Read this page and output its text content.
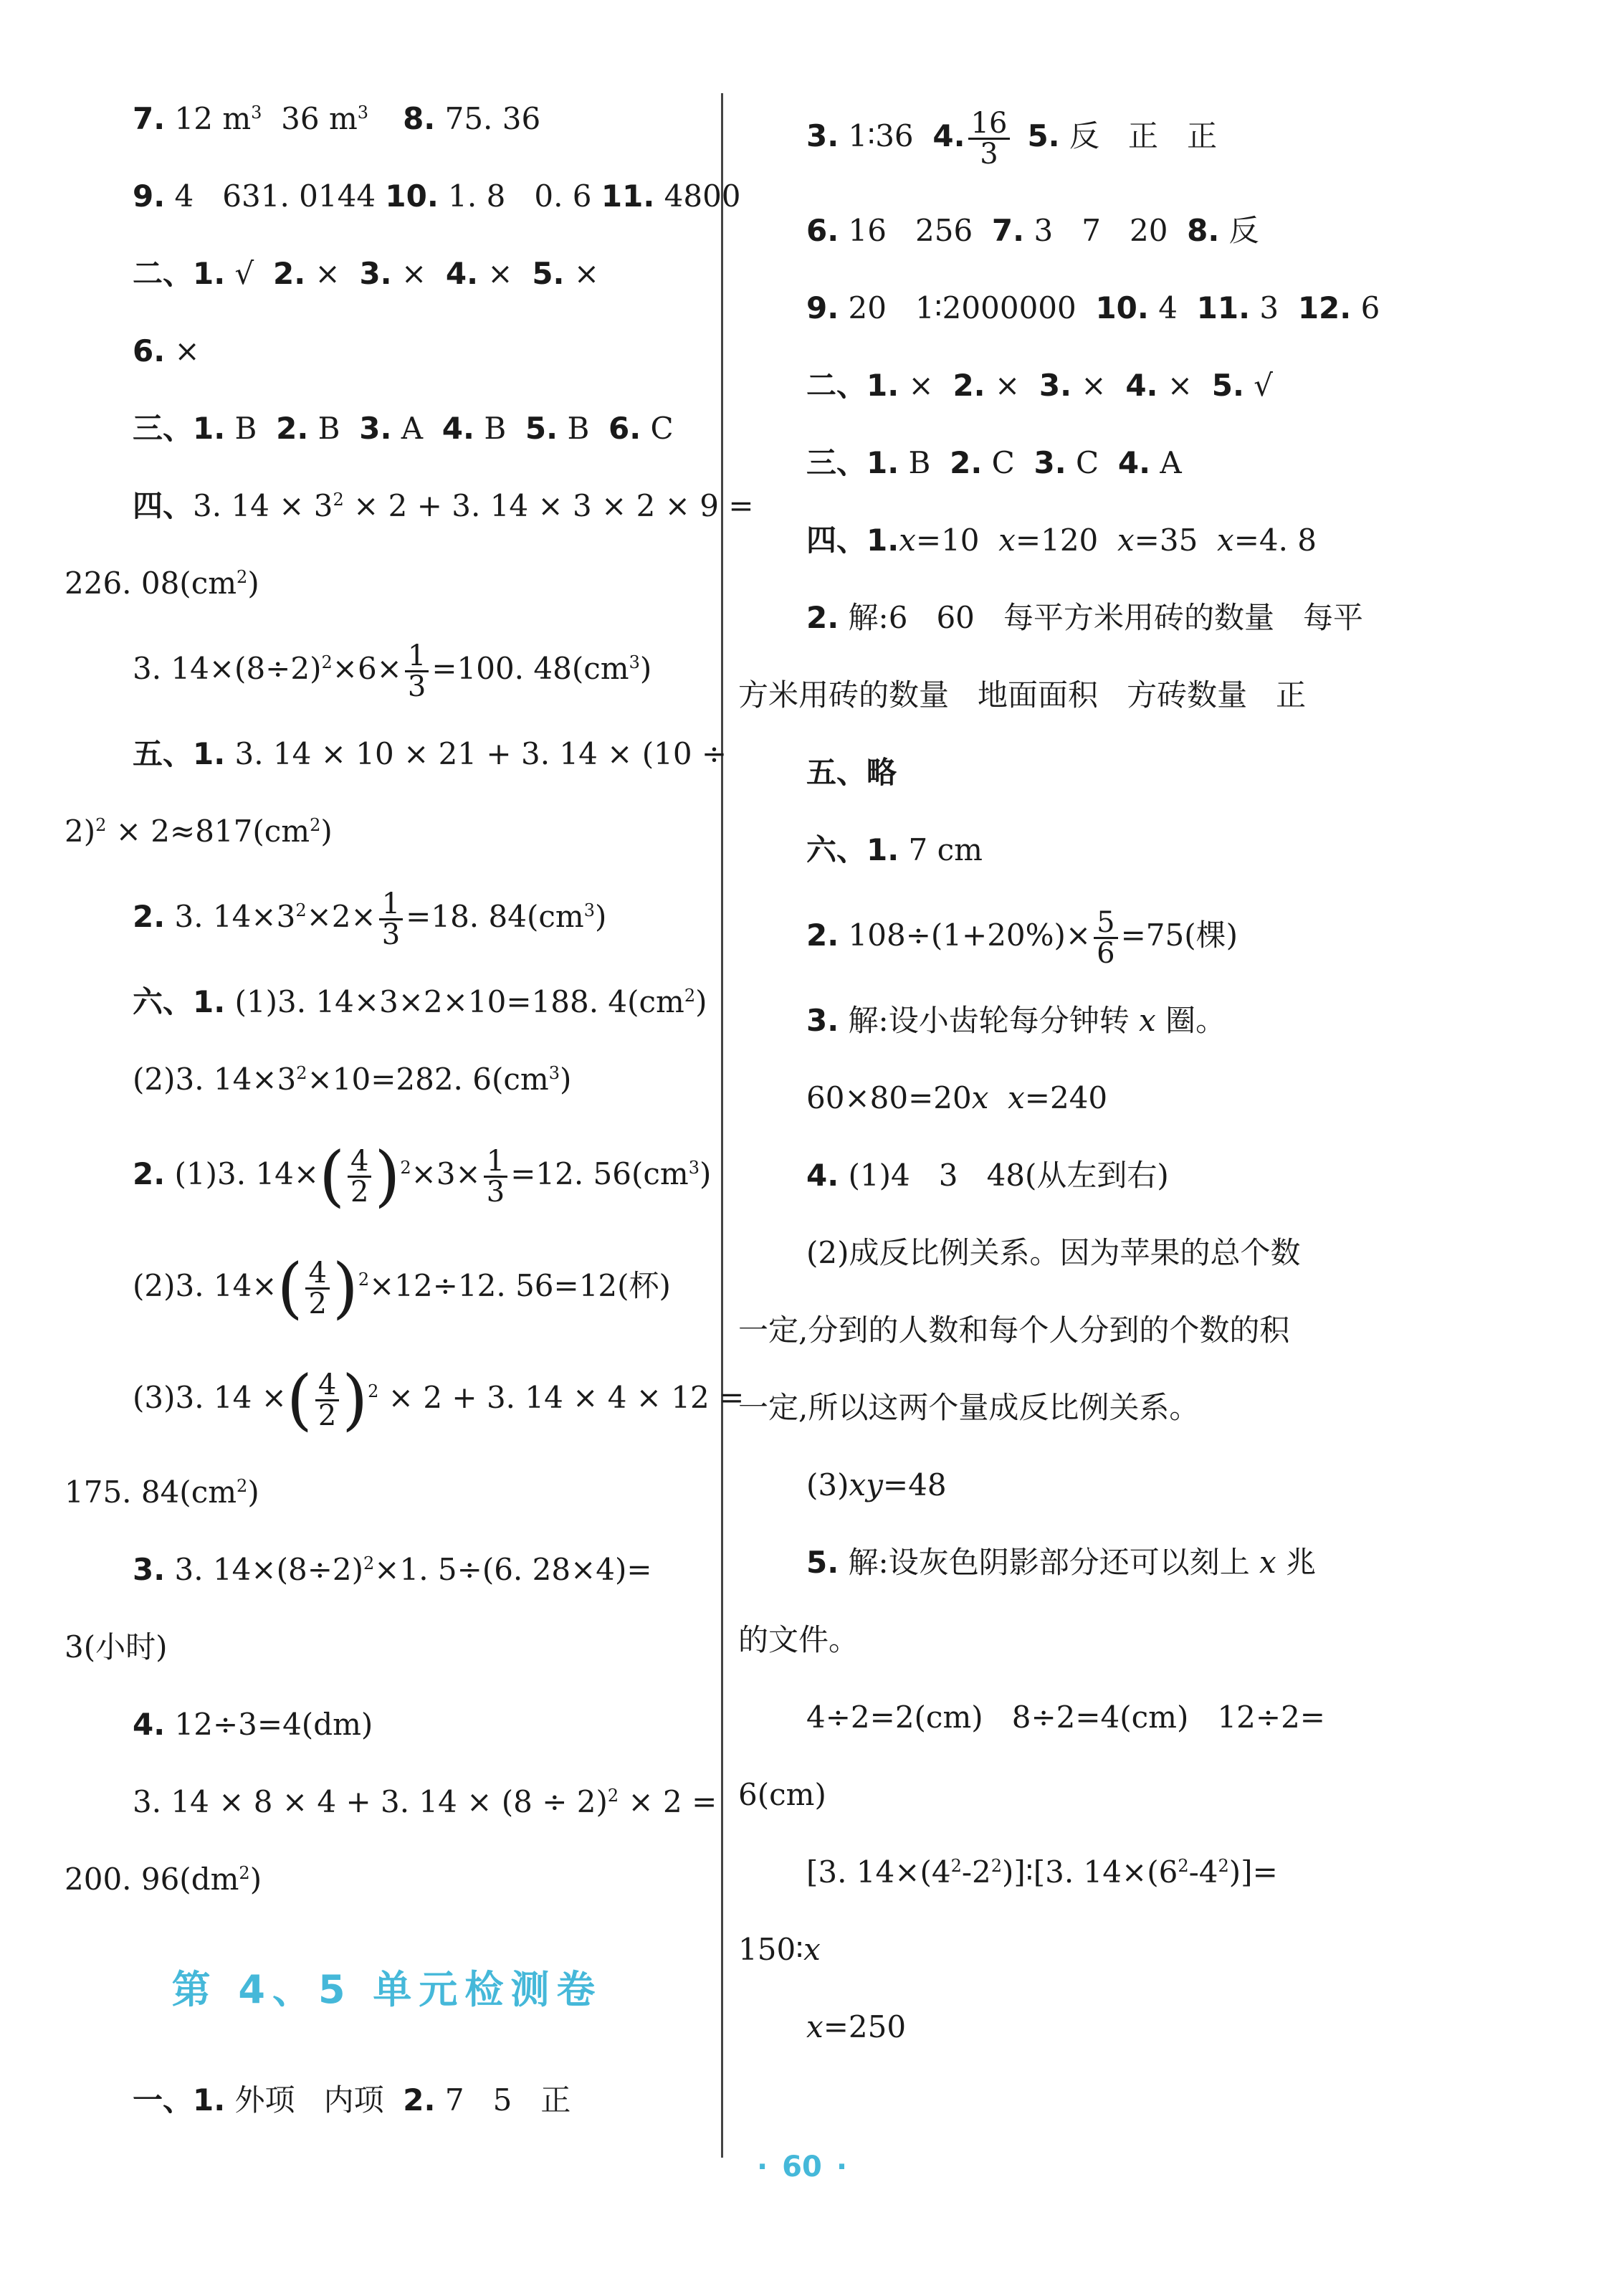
7. 12 $m^3$  36 $m^3$ 8. 75. 36
9. 4   631. 0144 10. 1. 8   0. 6 11. 4800
二、1. √  2. ×  3. ×  4. ×  5. ×
6. ×
三、1. B  2. B  3. A  4. B  5. B  6. C
四、3. $14 \times 3^2 \times 2 + 3$. 14 × 3 × 2 × 9 =
226. $08(cm^2)$
3. $14\times(8\div 2)^2\times 6\times \frac{1}{3} =100$. $48(cm^3)$
五、1. 3. 14 × 10 × 21 + 3. 14 × (10 ÷
$2)^2 \times 2\approx 817(cm^2)$
2. 3. $14\times 3^2\times 2\times \frac{1}{3} =18$. $84(cm^3)$
六、1. (1)3. 14×3×2×10=188. $4(cm^2)$
(2)3. $14\times 3^2\times 10=282$. $6(cm^3)$
2. (1)3. $14\times( \frac{4}{2} )^2\times 3\times \frac{1}{3} =12$. $56(cm^3)$
(2)3. $14\times( \frac{4}{2} )^2\times 12\div 12$. 56=12(杯)
(3)3. 14 ×( $\frac{4}{2} )^2 \times 2 + 3$. 14 × 4 × 12 =
175. $84(cm^2)$
3. 3. $14\times(8\div 2)^2\times 1$. 5÷(6. 28×4)=
3(小时)
4. 12÷3=4(dm)
3. 14 × 8 × 4 + 3. $14 \times (8 \div 2)^2 \times 2$ =
200. $96(dm^2)$
第 4、5 单元检测卷
一、1. 外项   内项  2. 7   5   正
3. 1∶36  4. $\frac{16}{3} 5$. 反   正   正
6. 16   256  7. 3   7   20  8. 反
9. 20   1∶2000000  10. 4  11. 3  12. 6
二、1. ×  2. ×  3. ×  4. ×  5. √
三、1. B  2. C  3. C  4. A
四、1.x=10  x=120  x=35  x=4. 8
2. 解:6   60   每平方米用砖的数量   每平
方米用砖的数量   地面面积   方砖数量   正
五、略
六、1. 7 cm
2. $108\div(1+20\%)\times \frac{5}{6} =75$(棵)
3. 解:设小齿轮每分钟转 x 圈。
60×80=20x x=240
4. (1)4   3   48(从左到右)
(2)成反比例关系。因为苹果的总个数
一定,分到的人数和每个人分到的个数的积
一定,所以这两个量成反比例关系。
(3)xy=48
5. 解:设灰色阴影部分还可以刻上 x 兆
的文件。
4÷2=2(cm)   8÷2=4(cm)   12÷2=
6(cm)
[3. $14\times(4^2-2^2)]∶[3$. $14\times(6^2-4^2)]=$
150∶x
x=250
· 60 ·
